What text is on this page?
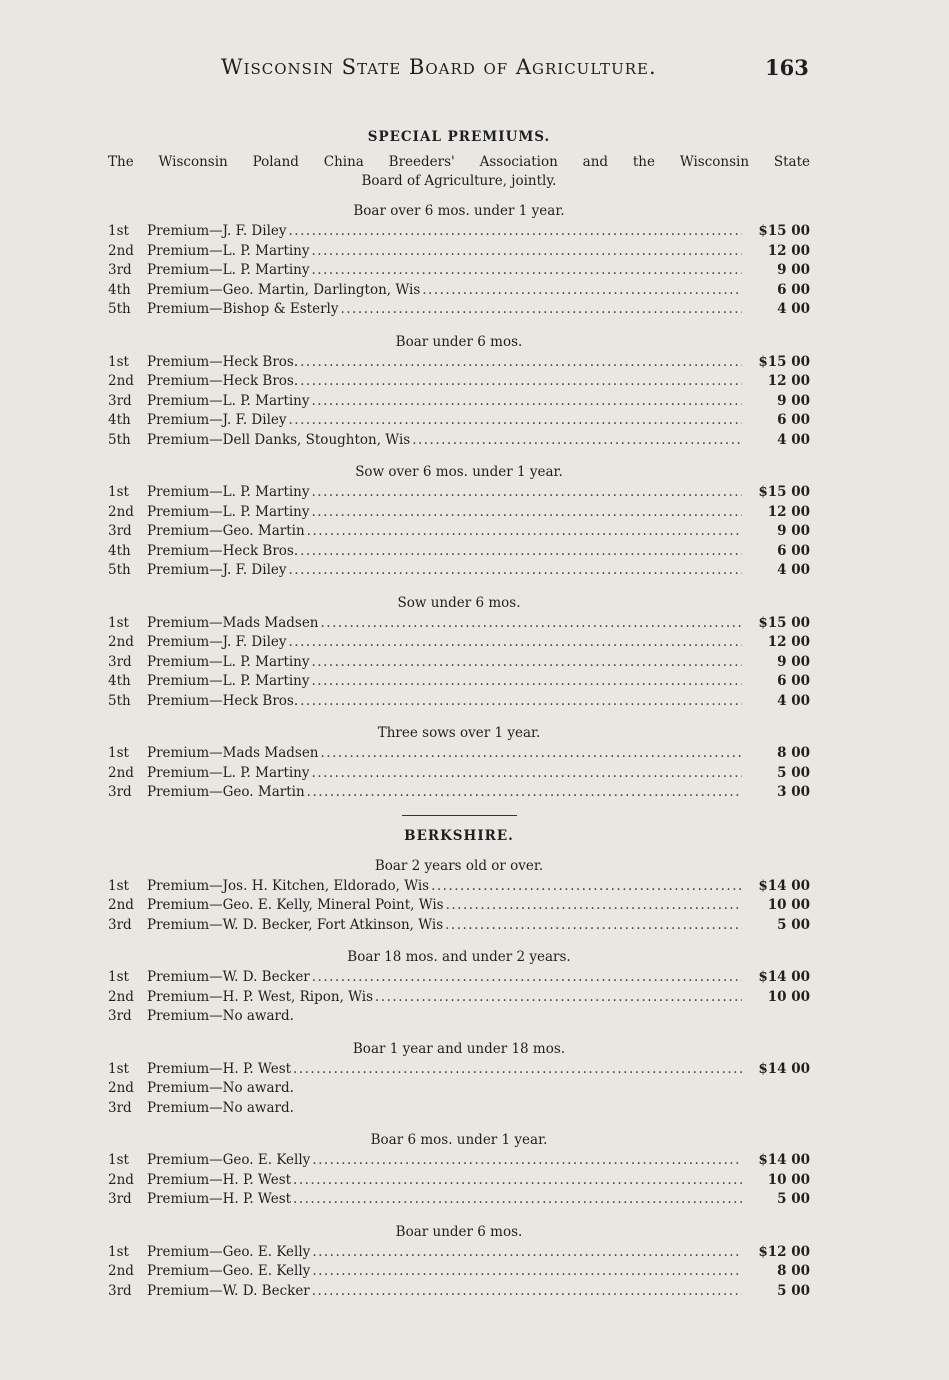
Wisconsin State Board of Agriculture.	163
SPECIAL PREMIUMS.
The Wisconsin Poland China Breeders' Association and the Wisconsin State
Board of Agriculture, jointly.
Boar over 6 mos. under 1 year.
1st	Premium—J. F. Diley .....	$15 00
2nd Premium—L. P. Martiny .....	12 00
3rd	Premium—L. P. Martiny .....	9 00
4th	Premium—Geo. Martin, Darlington, Wis .....	6 00
5th	Premium—Bishop & Esterly .....	4 00
Boar under 6 mos.
1st	Premium—Heck Bros. .....	$15 00
2nd Premium—Heck Bros. .....	12 00
3rd	Premium—L. P. Martiny .....	9 00
4th	Premium—J. F. Diley .....	6 00
5th	Premium—Dell Danks, Stoughton, Wis .....	4 00
Sow over 6 mos. under 1 year.
1st	Premium—L. P. Martiny .....	$15 00
2nd Premium—L. P. Martiny .....	12 00
3rd	Premium—Geo. Martin .....	9 00
4th	Premium—Heck Bros. .....	6 00
5th	Premium—J. F. Diley .....	4 00
Sow under 6 mos.
1st	Premium—Mads Madsen .....	$15 00
2nd Premium—J. F. Diley .....	12 00
3rd	Premium—L. P. Martiny .....	9 00
4th	Premium—L. P. Martiny .....	6 00
5th	Premium—Heck Bros. .....	4 00
Three sows over 1 year.
1st	Premium—Mads Madsen .....	8 00
2nd Premium—L. P. Martiny .....	5 00
3rd	Premium—Geo. Martin .....	3 00
BERKSHIRE.
Boar 2 years old or over.
1st	Premium—Jos. H. Kitchen, Eldorado, Wis .....	$14 00
2nd Premium—Geo. E. Kelly, Mineral Point, Wis .....	10 00
3rd	Premium—W. D. Becker, Fort Atkinson, Wis .....	5 00
Boar 18 mos. and under 2 years.
1st	Premium—W. D. Becker .....	$14 00
2nd Premium—H. P. West, Ripon, Wis .....	10 00
3rd	Premium—No award.
Boar 1 year and under 18 mos.
1st	Premium—H. P. West .....	$14 00
2nd Premium—No award.
3rd	Premium—No award.
Boar 6 mos. under 1 year.
1st	Premium—Geo. E. Kelly .....	$14 00
2nd Premium—H. P. West .....	10 00
3rd	Premium—H. P. West .....	5 00
Boar under 6 mos.
1st	Premium—Geo. E. Kelly .....	$12 00
2nd Premium—Geo. E. Kelly .....	8 00
3rd	Premium—W. D. Becker .....	5 00
